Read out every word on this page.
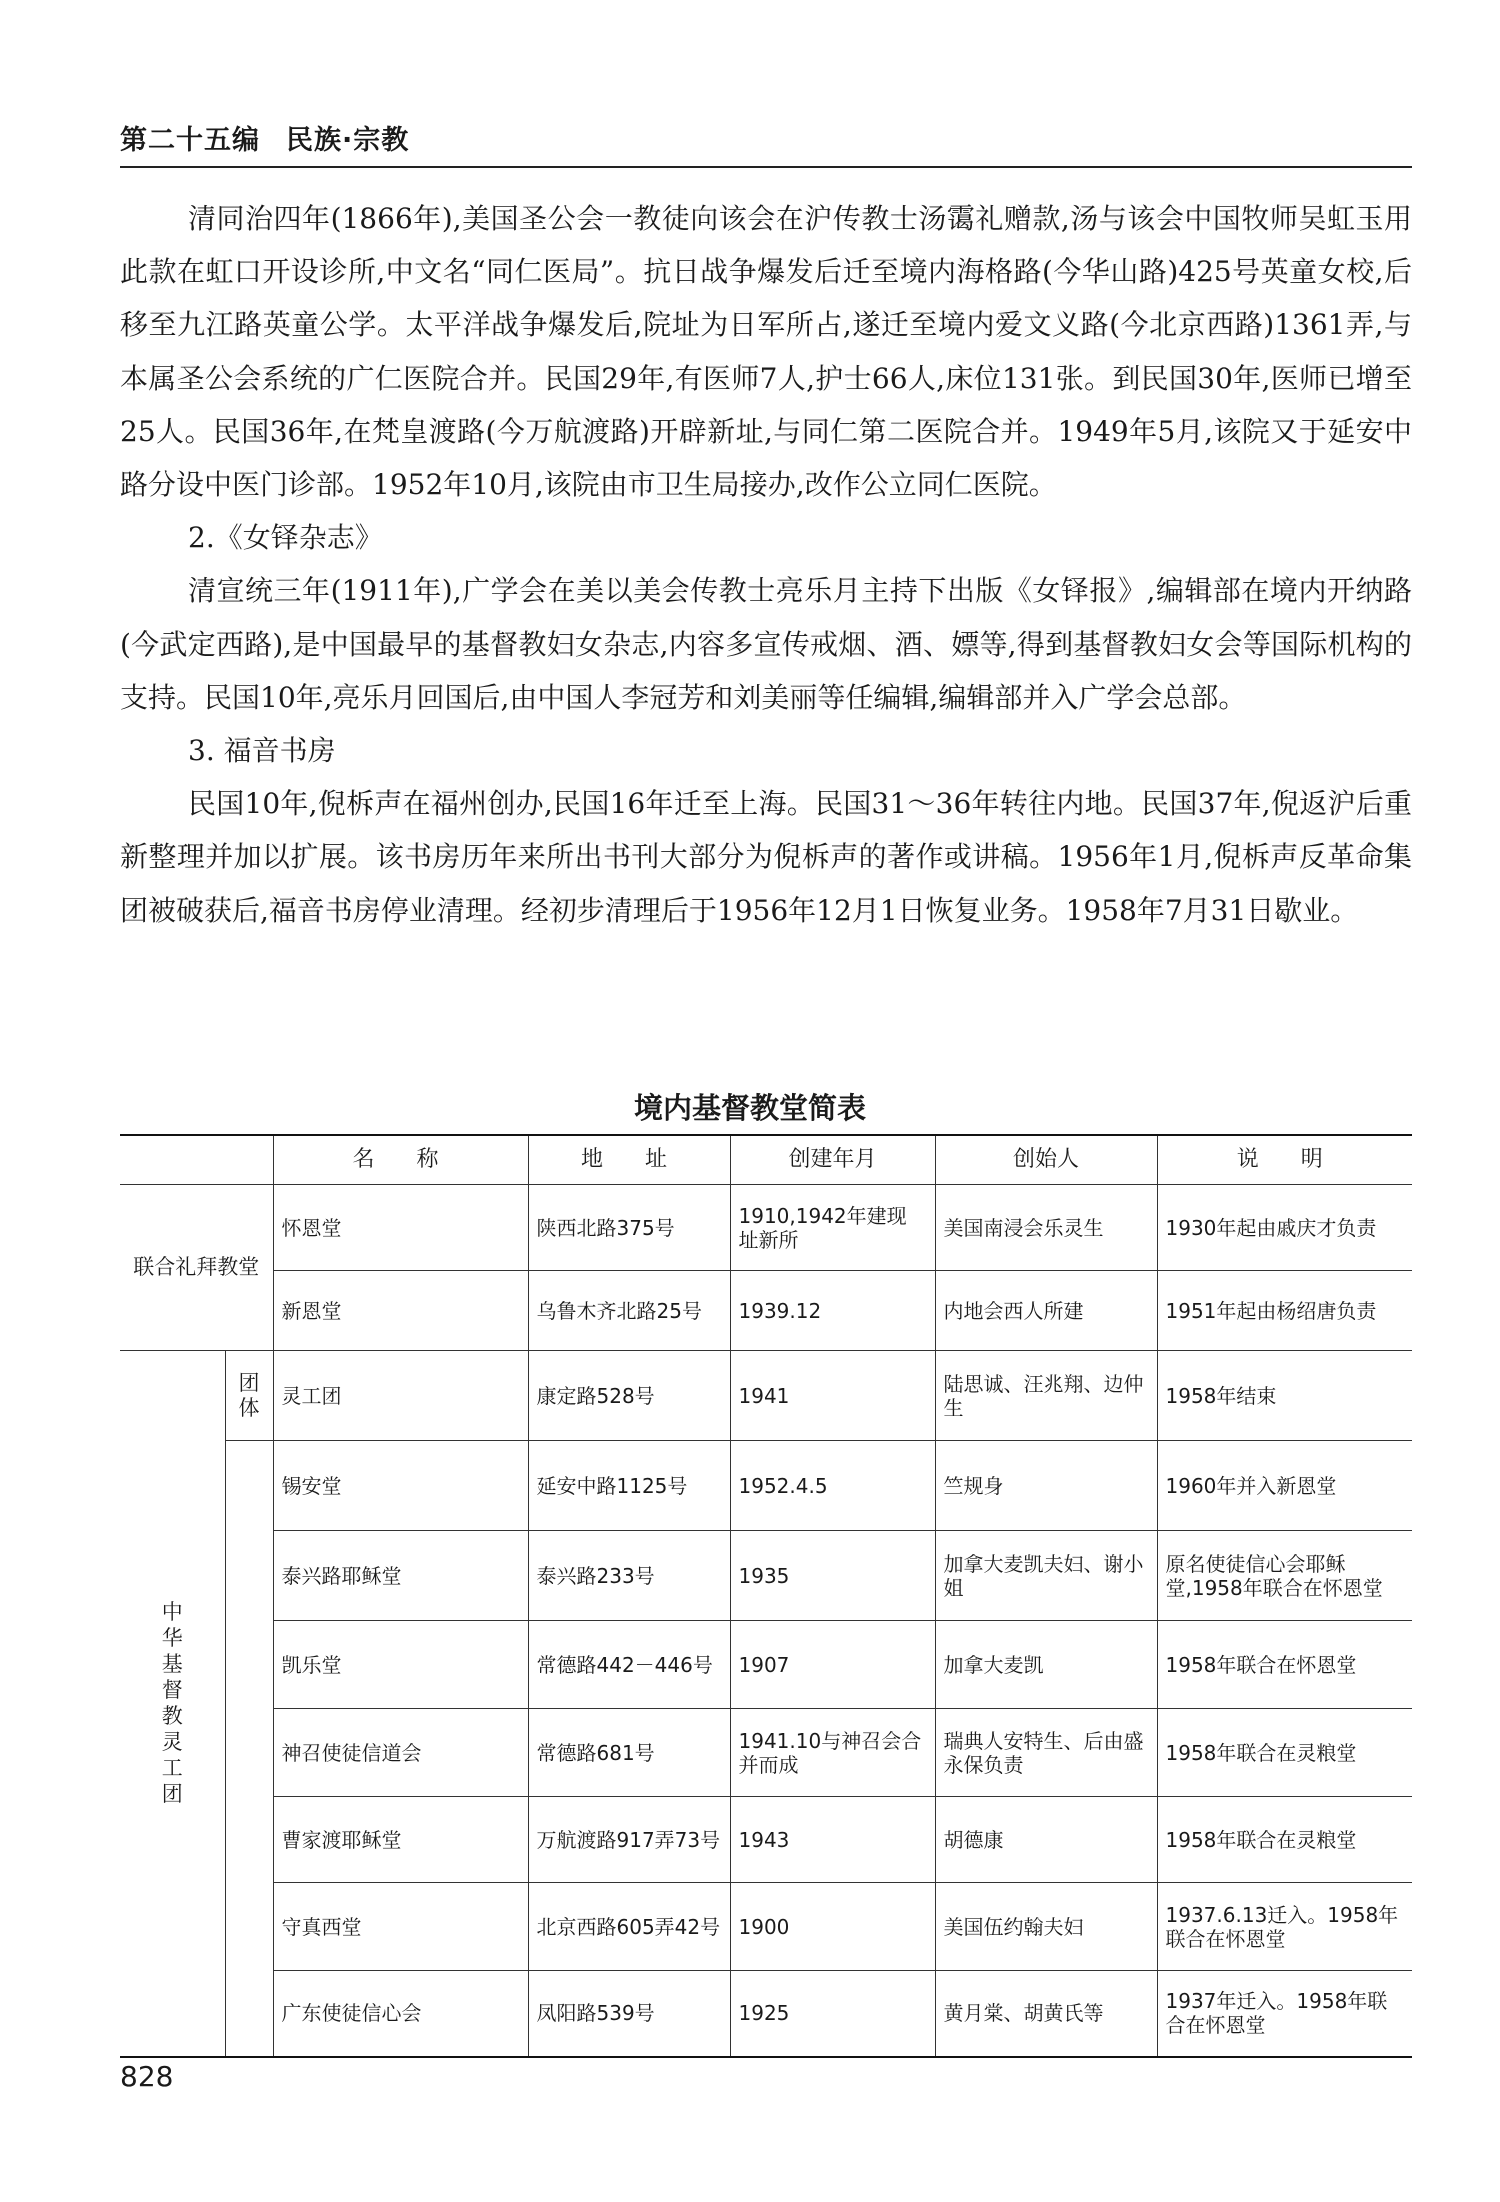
第二十五编 民族·宗教

清同治四年(1866年),美国圣公会一教徒向该会在沪传教士汤霭礼赠款,汤与该会中国牧师吴虹玉用此款在虹口开设诊所,中文名“同仁医局”。抗日战争爆发后迁至境内海格路(今华山路)425号英童女校,后移至九江路英童公学。太平洋战争爆发后,院址为日军所占,遂迁至境内爱文义路(今北京西路)1361弄,与本属圣公会系统的广仁医院合并。民国29年,有医师7人,护士66人,床位131张。到民国30年,医师已增至25人。民国36年,在梵皇渡路(今万航渡路)开辟新址,与同仁第二医院合并。1949年5月,该院又于延安中路分设中医门诊部。1952年10月,该院由市卫生局接办,改作公立同仁医院。

2.《女铎杂志》

清宣统三年(1911年),广学会在美以美会传教士亮乐月主持下出版《女铎报》,编辑部在境内开纳路(今武定西路),是中国最早的基督教妇女杂志,内容多宣传戒烟、酒、嫖等,得到基督教妇女会等国际机构的支持。民国10年,亮乐月回国后,由中国人李冠芳和刘美丽等任编辑,编辑部并入广学会总部。

3. 福音书房

民国10年,倪柝声在福州创办,民国16年迁至上海。民国31～36年转往内地。民国37年,倪返沪后重新整理并加以扩展。该书房历年来所出书刊大部分为倪柝声的著作或讲稿。1956年1月,倪柝声反革命集团被破获后,福音书房停业清理。经初步清理后于1956年12月1日恢复业务。1958年7月31日歇业。

境内基督教堂简表
		名　称	地　址	创建年月	创始人	说　明
联合礼拜教堂		怀恩堂	陕西北路375号	1910,1942年建现址新所	美国南浸会乐灵生	1930年起由戚庆才负责
		新恩堂	乌鲁木齐北路25号	1939.12	内地会西人所建	1951年起由杨绍唐负责
中华基督教灵工团	团体	灵工团	康定路528号	1941	陆思诚、汪兆翔、边仲生	1958年结束
		锡安堂	延安中路1125号	1952.4.5	竺规身	1960年并入新恩堂
		泰兴路耶稣堂	泰兴路233号	1935	加拿大麦凯夫妇、谢小姐	原名使徒信心会耶稣堂,1958年联合在怀恩堂
		凯乐堂	常德路442－446号	1907	加拿大麦凯	1958年联合在怀恩堂
		神召使徒信道会	常德路681号	1941.10与神召会合并而成	瑞典人安特生、后由盛永保负责	1958年联合在灵粮堂
		曹家渡耶稣堂	万航渡路917弄73号	1943	胡德康	1958年联合在灵粮堂
		守真西堂	北京西路605弄42号	1900	美国伍约翰夫妇	1937.6.13迁入。1958年联合在怀恩堂
		广东使徒信心会	凤阳路539号	1925	黄月棠、胡黄氏等	1937年迁入。1958年联合在怀恩堂
828
